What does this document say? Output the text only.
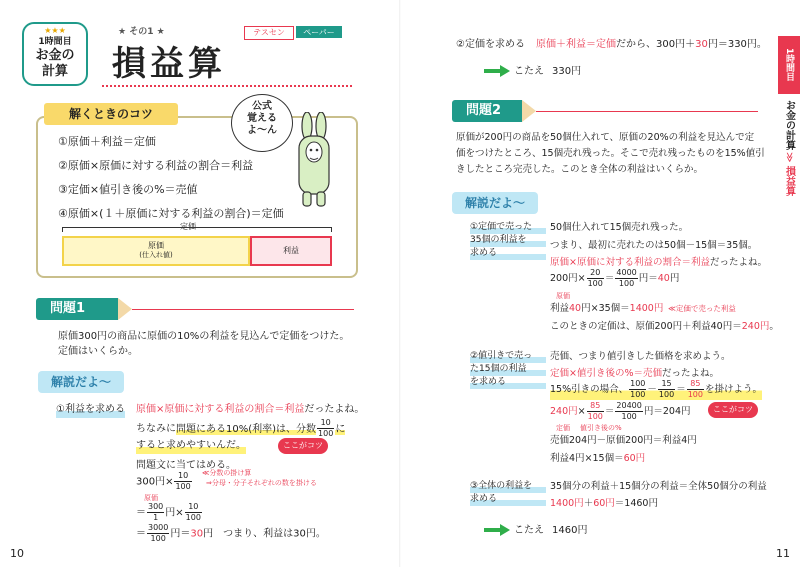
★★★
1時間目
お金の
計算
★ その1 ★
損益算
テスセン	ペーパー
解くときのコツ
公式
覚える
よ〜ん
①原価＋利益＝定価
②原価×原価に対する利益の割合＝利益
③定価×値引き後の%＝売値
④原価×(１＋原価に対する利益の割合)＝定価
定価
原価
(仕入れ値)	利益
問題1
原価300円の商品に原価の10%の利益を見込んで定価をつけた。
定価はいくらか。
解説だよ〜
①利益を求める 原価×原価に対する利益の割合＝利益だったよね。
ちなみに問題にある10%(利率)は、分数 $\frac{10}{100}$ に
すると求めやすいんだ。	ここがコツ
問題文に当てはめる。
300円× $\frac{10}{100}$ ≪分数の掛け算
⇒分母・分子それぞれの数を掛ける
原価
＝ $\frac{300}{1}$ 円× $\frac{10}{100}$
＝ $\frac{3000}{100}$ 円＝30円　つまり、利益は30円。
10
②定価を求める 原価＋利益＝定価だから、300円＋30円＝330円。
こたえ 330円
問題2
原価が200円の商品を50個仕入れて、原価の20%の利益を見込んで定
価をつけたところ、15個売れ残った。そこで売れ残ったものを15%値引
きしたところ完売した。このとき全体の利益はいくらか。
解説だよ〜
①定価で売った
35個の利益を
求める
50個仕入れて15個売れ残った。
つまり、最初に売れたのは50個－15個＝35個。
原価×原価に対する利益の割合＝利益だったよね。
200円× $\frac{20}{100} = \frac{4000}{100}$ 円＝40円
原価
利益40円×35個＝1400円 ≪定価で売った利益
このときの定価は、原価200円＋利益40円＝240円。
②値引きで売っ
た15個の利益
を求める
売価、つまり値引きした価格を求めよう。
定価×値引き後の%＝売価だったよね。
15%引きの場合、 $\frac{100}{100} - \frac{15}{100} = \frac{85}{100}$ を掛けよう。
240円× $\frac{85}{100} = \frac{20400}{100}$ 円＝204円	ここがコツ
定価 値引き後の%
売価204円－原価200円＝利益4円
利益4円×15個＝60円
③全体の利益を
求める
35個分の利益＋15個分の利益＝全体50個分の利益
1400円＋60円＝1460円
こたえ 1460円
1時間目
お金の計算
≫
損益算
11
